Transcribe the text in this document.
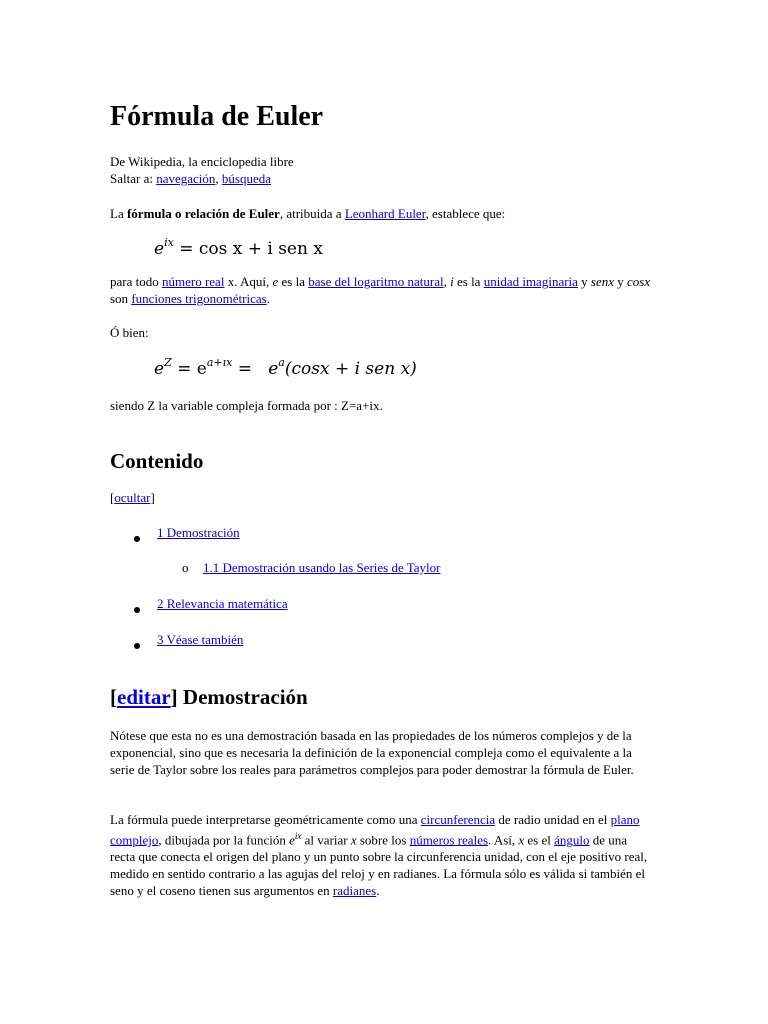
Fórmula de Euler
De Wikipedia, la enciclopedia libre
Saltar a: navegación, búsqueda
La fórmula o relación de Euler, atribuida a Leonhard Euler, establece que:
$e^{ix} = \cos x + i$ sen x
para todo número real x. Aquí, e es la base del logaritmo natural, i es la unidad imaginaria y senx y cosx son funciones trigonométricas.
Ó bien:
$e^Z = e^{a+ıx} = e^a(\cos x + i$ sen x)
siendo Z la variable compleja formada por : Z=a+ix.
Contenido
[ocultar]
1 Demostración
o 1.1 Demostración usando las Series de Taylor
2 Relevancia matemática
3 Véase también
[editar] Demostración
Nótese que esta no es una demostración basada en las propiedades de los números complejos y de la exponencial, sino que es necesaria la definición de la exponencial compleja como el equivalente a la serie de Taylor sobre los reales para parámetros complejos para poder demostrar la fórmula de Euler.
La fórmula puede interpretarse geométricamente como una circunferencia de radio unidad en el plano complejo, dibujada por la función $e^{ix}$ al variar x sobre los números reales. Así, x es el ángulo de una recta que conecta el origen del plano y un punto sobre la circunferencia unidad, con el eje positivo real, medido en sentido contrario a las agujas del reloj y en radianes. La fórmula sólo es válida si también el seno y el coseno tienen sus argumentos en radianes.
